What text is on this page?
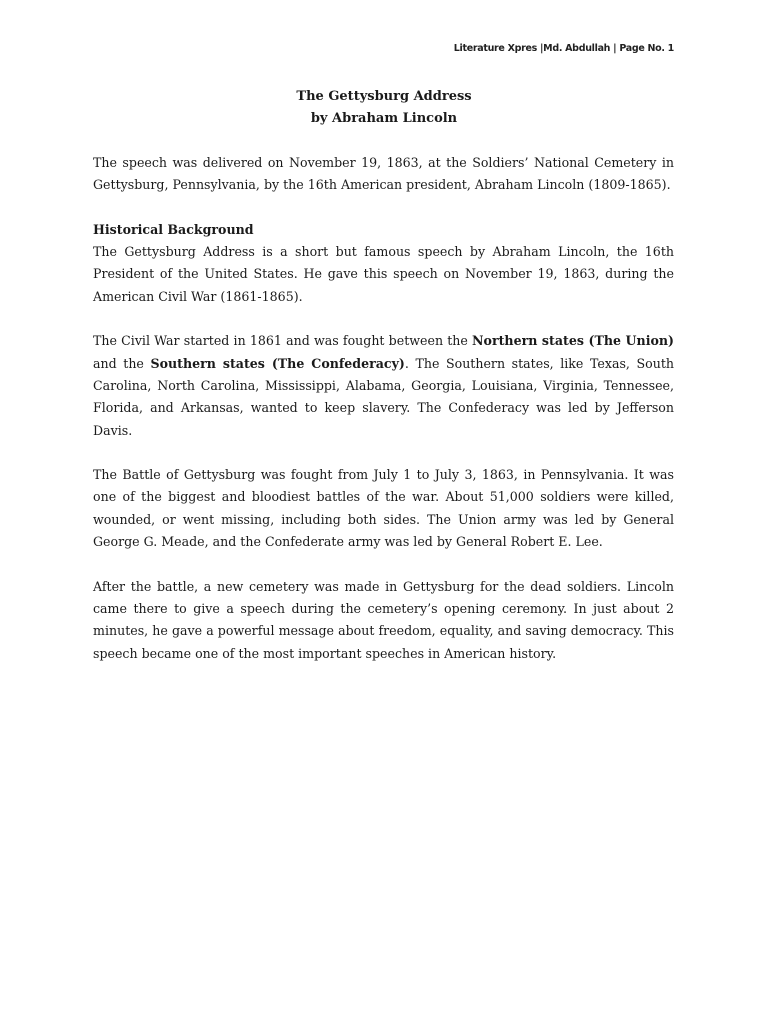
Literature Xpres |Md. Abdullah | Page No. 1
The Gettysburg Address
by Abraham Lincoln

The speech was delivered on November 19, 1863, at the Soldiers’ National Cemetery in Gettysburg, Pennsylvania, by the 16th American president, Abraham Lincoln (1809-1865).

Historical Background

The Gettysburg Address is a short but famous speech by Abraham Lincoln, the 16th President of the United States. He gave this speech on November 19, 1863, during the American Civil War (1861-1865).

The Civil War started in 1861 and was fought between the Northern states (The Union) and the Southern states (The Confederacy). The Southern states, like Texas, South Carolina, North Carolina, Mississippi, Alabama, Georgia, Louisiana, Virginia, Tennessee, Florida, and Arkansas, wanted to keep slavery. The Confederacy was led by Jefferson Davis.

The Battle of Gettysburg was fought from July 1 to July 3, 1863, in Pennsylvania. It was one of the biggest and bloodiest battles of the war. About 51,000 soldiers were killed, wounded, or went missing, including both sides. The Union army was led by General George G. Meade, and the Confederate army was led by General Robert E. Lee.

After the battle, a new cemetery was made in Gettysburg for the dead soldiers. Lincoln came there to give a speech during the cemetery’s opening ceremony. In just about 2 minutes, he gave a powerful message about freedom, equality, and saving democracy. This speech became one of the most important speeches in American history.
